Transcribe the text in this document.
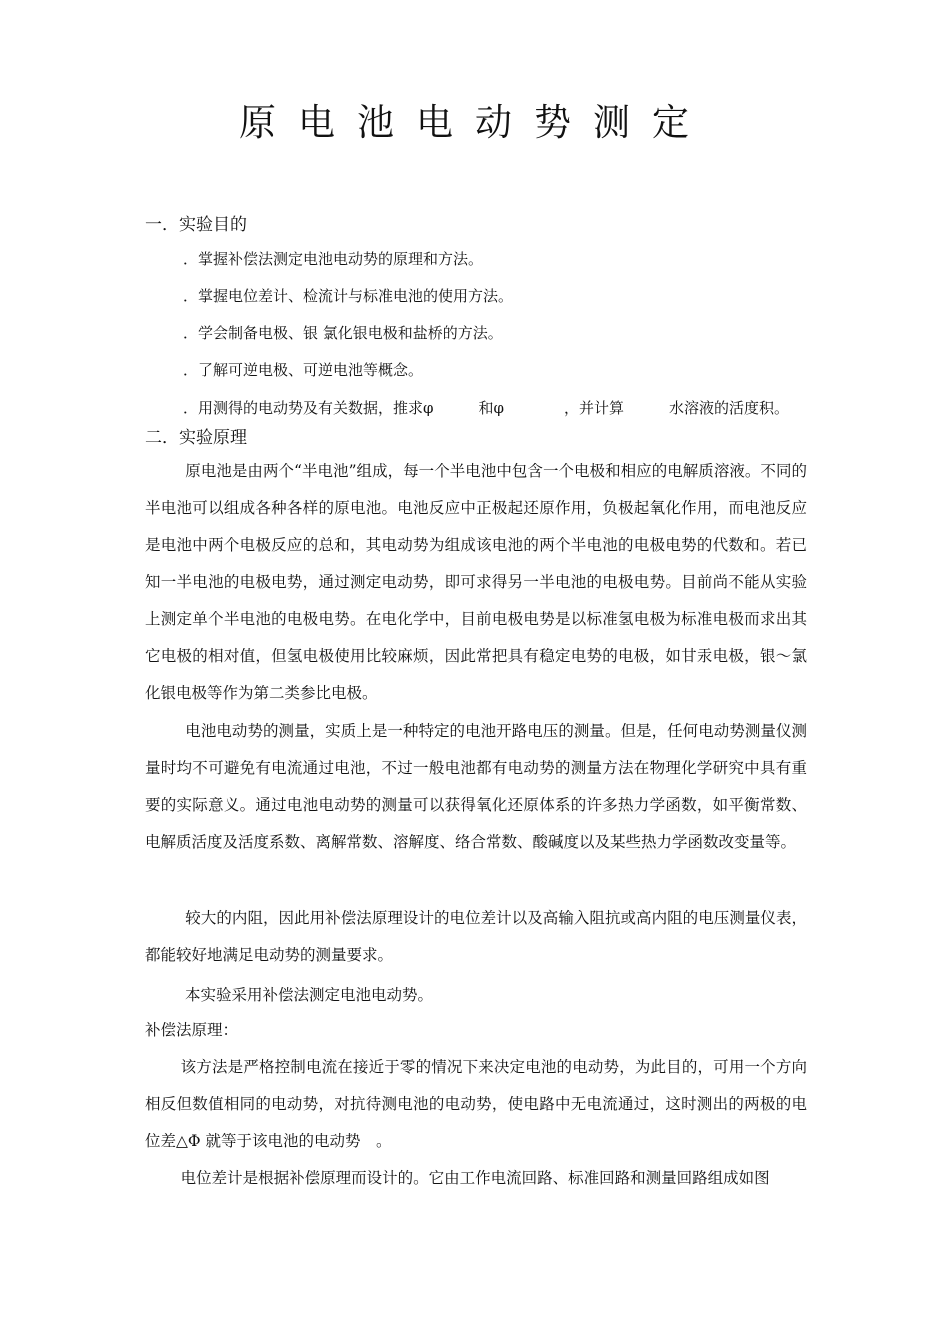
原电池电动势测定
一．实验目的
．掌握补偿法测定电池电动势的原理和方法。
．掌握电位差计、检流计与标准电池的使用方法。
．学会制备电极、银 氯化银电极和盐桥的方法。
．了解可逆电极、可逆电池等概念。
．用测得的电动势及有关数据，推求φ　　　和φ　　　　，并计算　　　水溶液的活度积。
二．实验原理
原电池是由两个“半电池”组成，每一个半电池中包含一个电极和相应的电解质溶液。不同的半电池可以组成各种各样的原电池。电池反应中正极起还原作用，负极起氧化作用，而电池反应是电池中两个电极反应的总和，其电动势为组成该电池的两个半电池的电极电势的代数和。若已知一半电池的电极电势，通过测定电动势，即可求得另一半电池的电极电势。目前尚不能从实验上测定单个半电池的电极电势。在电化学中，目前电极电势是以标准氢电极为标准电极而求出其它电极的相对值，但氢电极使用比较麻烦，因此常把具有稳定电势的电极，如甘汞电极，银～氯化银电极等作为第二类参比电极。
电池电动势的测量，实质上是一种特定的电池开路电压的测量。但是，任何电动势测量仪测量时均不可避免有电流通过电池，不过一般电池都有电动势的测量方法在物理化学研究中具有重要的实际意义。通过电池电动势的测量可以获得氧化还原体系的许多热力学函数，如平衡常数、电解质活度及活度系数、离解常数、溶解度、络合常数、酸碱度以及某些热力学函数改变量等。
较大的内阻，因此用补偿法原理设计的电位差计以及高输入阻抗或高内阻的电压测量仪表，都能较好地满足电动势的测量要求。
本实验采用补偿法测定电池电动势。
补偿法原理：
该方法是严格控制电流在接近于零的情况下来决定电池的电动势，为此目的，可用一个方向相反但数值相同的电动势，对抗待测电池的电动势，使电路中无电流通过，这时测出的两极的电位差△Φ 就等于该电池的电动势　。
电位差计是根据补偿原理而设计的。它由工作电流回路、标准回路和测量回路组成如图
